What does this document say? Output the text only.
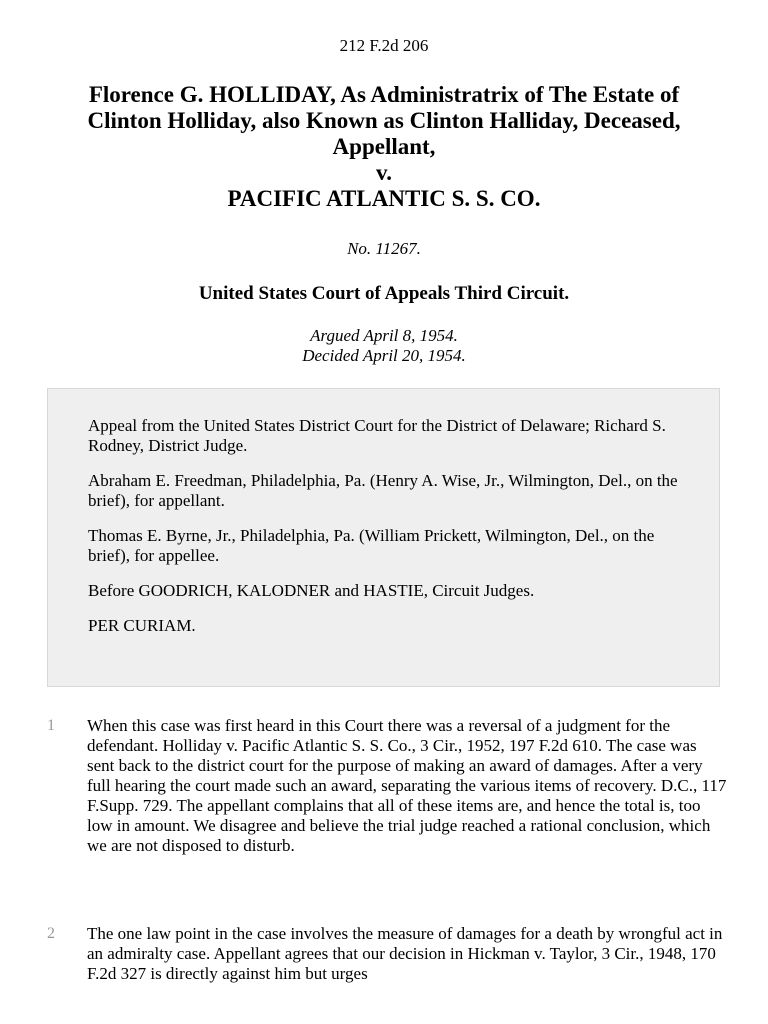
212 F.2d 206
Florence G. HOLLIDAY, As Administratrix of The Estate of
Clinton Holliday, also Known as Clinton Halliday, Deceased,
Appellant,
v.
PACIFIC ATLANTIC S. S. CO.
No. 11267.
United States Court of Appeals Third Circuit.
Argued April 8, 1954.
Decided April 20, 1954.

Appeal from the United States District Court for the District of Delaware; Richard S. Rodney, District Judge.

Abraham E. Freedman, Philadelphia, Pa. (Henry A. Wise, Jr., Wilmington, Del., on the brief), for appellant.

Thomas E. Byrne, Jr., Philadelphia, Pa. (William Prickett, Wilmington, Del., on the brief), for appellee.

Before GOODRICH, KALODNER and HASTIE, Circuit Judges.

PER CURIAM.

1 When this case was first heard in this Court there was a reversal of a judgment for the defendant. Holliday v. Pacific Atlantic S. S. Co., 3 Cir., 1952, 197 F.2d 610. The case was sent back to the district court for the purpose of making an award of damages. After a very full hearing the court made such an award, separating the various items of recovery. D.C., 117 F.Supp. 729. The appellant complains that all of these items are, and hence the total is, too low in amount. We disagree and believe the trial judge reached a rational conclusion, which we are not disposed to disturb.
2 The one law point in the case involves the measure of damages for a death by wrongful act in an admiralty case. Appellant agrees that our decision in Hickman v. Taylor, 3 Cir., 1948, 170 F.2d 327 is directly against him but urges
